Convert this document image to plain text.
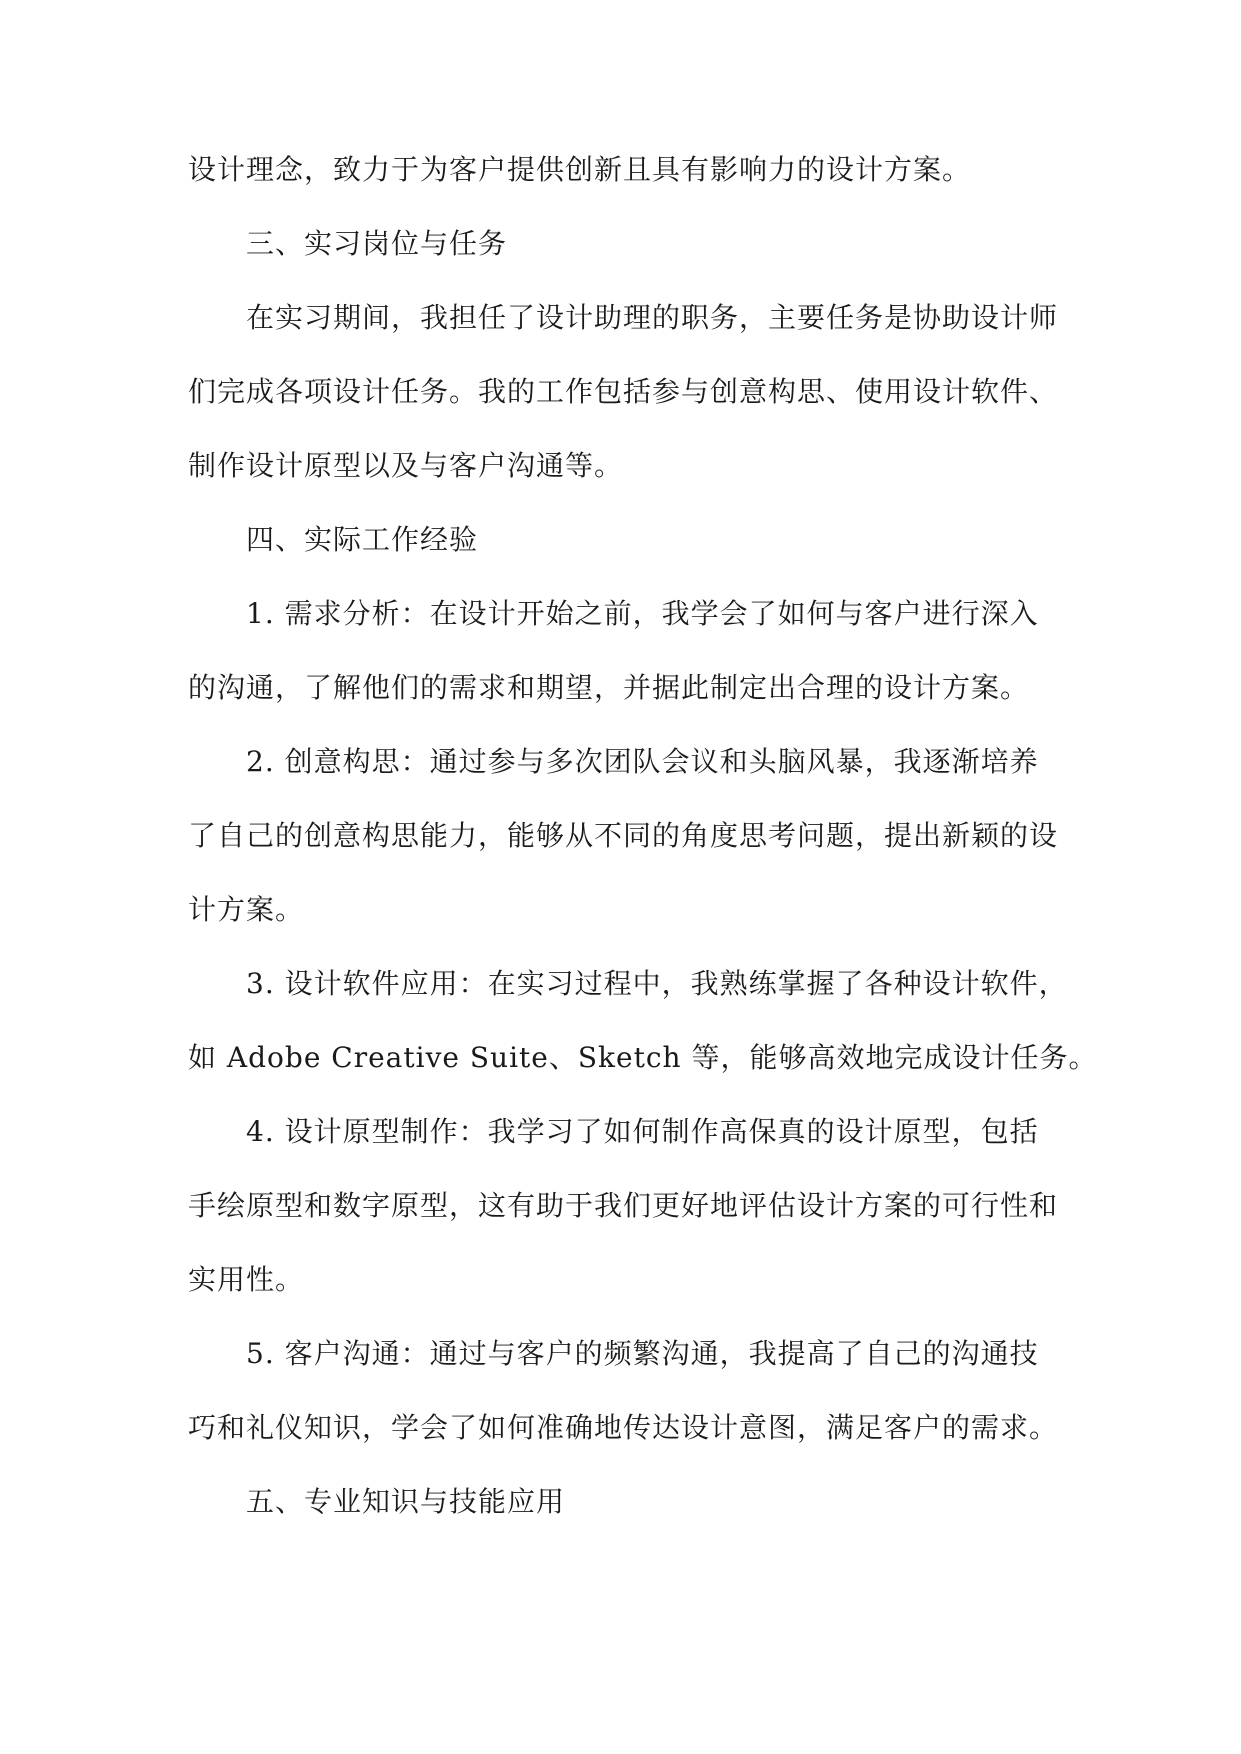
设计理念，致力于为客户提供创新且具有影响力的设计方案。
三、实习岗位与任务
在实习期间，我担任了设计助理的职务，主要任务是协助设计师
们完成各项设计任务。我的工作包括参与创意构思、使用设计软件、
制作设计原型以及与客户沟通等。
四、实际工作经验
1. 需求分析：在设计开始之前，我学会了如何与客户进行深入
的沟通，了解他们的需求和期望，并据此制定出合理的设计方案。
2. 创意构思：通过参与多次团队会议和头脑风暴，我逐渐培养
了自己的创意构思能力，能够从不同的角度思考问题，提出新颖的设
计方案。
3. 设计软件应用：在实习过程中，我熟练掌握了各种设计软件，
如 Adobe Creative Suite、Sketch 等，能够高效地完成设计任务。
4. 设计原型制作：我学习了如何制作高保真的设计原型，包括
手绘原型和数字原型，这有助于我们更好地评估设计方案的可行性和
实用性。
5. 客户沟通：通过与客户的频繁沟通，我提高了自己的沟通技
巧和礼仪知识，学会了如何准确地传达设计意图，满足客户的需求。
五、专业知识与技能应用
